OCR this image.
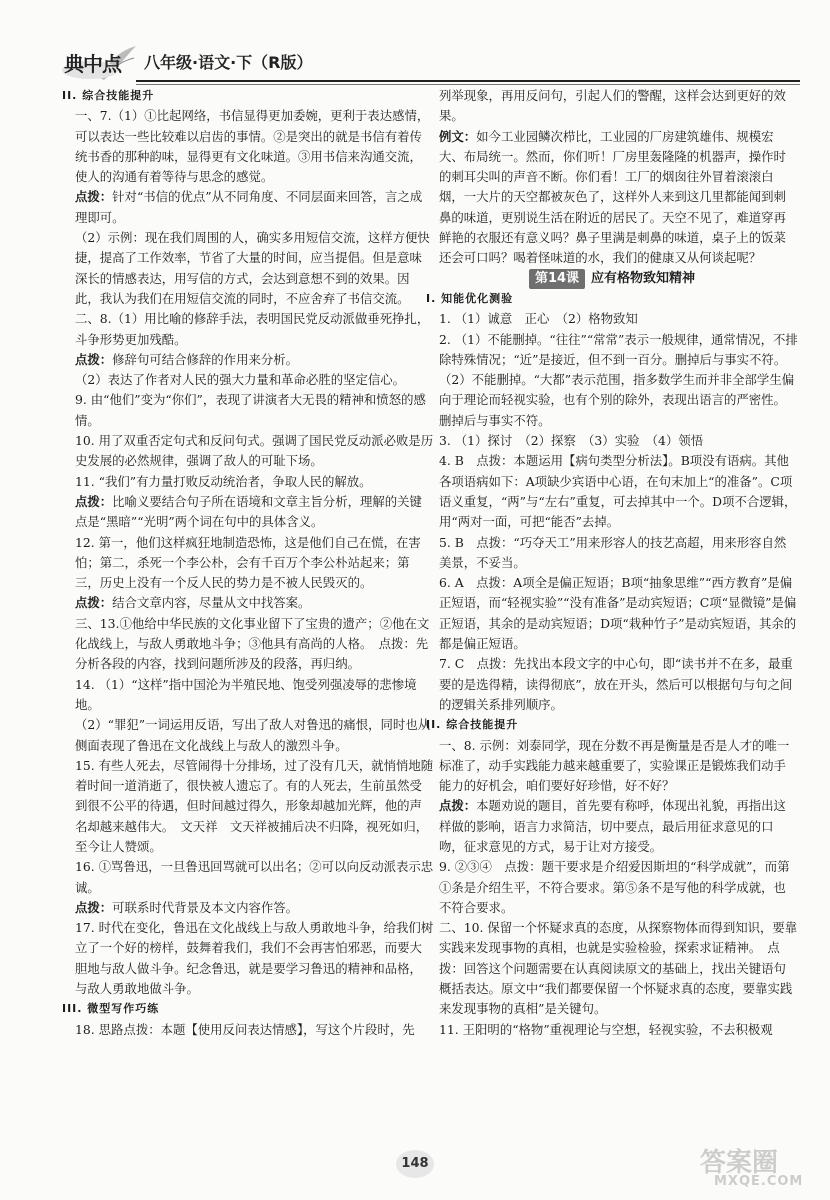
典中点 八年级·语文·下（R版）

II. 综合技能提升

一、7.（1）①比起网络，书信显得更加委婉，更利于表达感情，可以表达一些比较难以启齿的事情。②是突出的就是书信有着传统书香的那种韵味，显得更有文化味道。③用书信来沟通交流，使人的沟通有着等待与思念的感觉。

点拨：针对“书信的优点”从不同角度、不同层面来回答，言之成理即可。

（2）示例：现在我们周围的人，确实多用短信交流，这样方便快捷，提高了工作效率，节省了大量的时间，应当提倡。但是意味深长的情感表达，用写信的方式，会达到意想不到的效果。因此，我认为我们在用短信交流的同时，不应舍弃了书信交流。

二、8.（1）用比喻的修辞手法，表明国民党反动派做垂死挣扎，斗争形势更加残酷。

点拨：修辞句可结合修辞的作用来分析。

（2）表达了作者对人民的强大力量和革命必胜的坚定信心。

9. 由“他们”变为“你们”，表现了讲演者大无畏的精神和愤怒的感情。

10. 用了双重否定句式和反问句式。强调了国民党反动派必败是历史发展的必然规律，强调了敌人的可耻下场。

11. “我们”有力量打败反动统治者，争取人民的解放。

点拨：比喻义要结合句子所在语境和文章主旨分析，理解的关键点是“黑暗”“光明”两个词在句中的具体含义。

12. 第一，他们这样疯狂地制造恐怖，这是他们自己在慌，在害怕；第二，杀死一个李公朴，会有千百万个李公朴站起来；第三，历史上没有一个反人民的势力是不被人民毁灭的。

点拨：结合文章内容，尽量从文中找答案。

三、13.①他给中华民族的文化事业留下了宝贵的遗产；②他在文化战线上，与敌人勇敢地斗争；③他具有高尚的人格。　点拨：先分析各段的内容，找到问题所涉及的段落，再归纳。

14. （1）“这样”指中国沦为半殖民地、饱受列强凌辱的悲惨境地。

（2）“罪犯”一词运用反语，写出了敌人对鲁迅的痛恨，同时也从侧面表现了鲁迅在文化战线上与敌人的激烈斗争。

15. 有些人死去，尽管闹得十分排场，过了没有几天，就悄悄地随着时间一道消逝了，很快被人遗忘了。有的人死去，生前虽然受到很不公平的待遇，但时间越过得久，形象却越加光辉，他的声名却越来越伟大。　文天祥　文天祥被捕后决不归降，视死如归，至今让人赞颂。

16. ①骂鲁迅，一旦鲁迅回骂就可以出名；②可以向反动派表示忠诚。

点拨：可联系时代背景及本文内容作答。

17. 时代在变化，鲁迅在文化战线上与敌人勇敢地斗争，给我们树立了一个好的榜样，鼓舞着我们，我们不会再害怕邪恶，而要大胆地与敌人做斗争。纪念鲁迅，就是要学习鲁迅的精神和品格，与敌人勇敢地做斗争。

III. 微型写作巧练

18. 思路点拨：本题【使用反问表达情感】，写这个片段时，先

列举现象，再用反问句，引起人们的警醒，这样会达到更好的效果。

例文：如今工业园鳞次栉比，工业园的厂房建筑雄伟、规模宏大、布局统一。然而，你们听！厂房里轰隆隆的机器声，操作时的刺耳尖叫的声音不断。你们看！工厂的烟囱往外冒着滚滚白烟，一大片的天空都被灰色了，这样外人来到这几里都能闻到刺鼻的味道，更别说生活在附近的居民了。天空不见了，难道穿再鲜艳的衣服还有意义吗？鼻子里满是刺鼻的味道，桌子上的饭菜还会可口吗？喝着怪味道的水，我们的健康又从何谈起呢？

第14课 应有格物致知精神

I. 知能优化测验

1. （1）诚意　正心　（2）格物致知

2. （1）不能删掉。“往往”“常常”表示一般规律，通常情况，不排除特殊情况；“近”是接近，但不到一百分。删掉后与事实不符。

（2）不能删掉。“大都”表示范围，指多数学生而并非全部学生偏向于理论而轻视实验，也有个别的除外，表现出语言的严密性。删掉后与事实不符。

3. （1）探讨　（2）探察　（3）实验　（4）领悟

4. B　点拨：本题运用【病句类型分析法】。B项没有语病。其他各项语病如下：A项缺少宾语中心语，在句末加上“的准备”。C项语义重复，“两”与“左右”重复，可去掉其中一个。D项不合逻辑，用“两对一面，可把“能否”去掉。

5. B　点拨：“巧夺天工”用来形容人的技艺高超，用来形容自然美景，不妥当。

6. A　点拨：A项全是偏正短语；B项“抽象思维”“西方教育”是偏正短语，而“轻视实验”“没有准备”是动宾短语；C项“显微镜”是偏正短语，其余的是动宾短语；D项“栽种竹子”是动宾短语，其余的都是偏正短语。

7. C　点拨：先找出本段文字的中心句，即“读书并不在多，最重要的是选得精，读得彻底”，放在开头，然后可以根据句与句之间的逻辑关系排列顺序。

II. 综合技能提升

一、8. 示例：刘泰同学，现在分数不再是衡量是否是人才的唯一标准了，动手实践能力越来越重要了，实验课正是锻炼我们动手能力的好机会，咱们要好好珍惜，好不好？

点拨：本题劝说的题目，首先要有称呼，体现出礼貌，再指出这样做的影响，语言力求简洁，切中要点，最后用征求意见的口吻，征求意见的方式，易于让对方接受。

9. ②③④　点拨：题干要求是介绍爱因斯坦的“科学成就”，而第①条是介绍生平，不符合要求。第⑤条不是写他的科学成就，也不符合要求。

二、10. 保留一个怀疑求真的态度，从探察物体而得到知识，要靠实践来发现事物的真相，也就是实验检验，探索求证精神。　点拨：回答这个问题需要在认真阅读原文的基础上，找出关键语句概括表达。原文中“我们都要保留一个怀疑求真的态度，要靠实践来发现事物的真相”是关键句。

11. 王阳明的“格物”重视理论与空想，轻视实验，不去积极观

148	答案圈
MXQE.COM
